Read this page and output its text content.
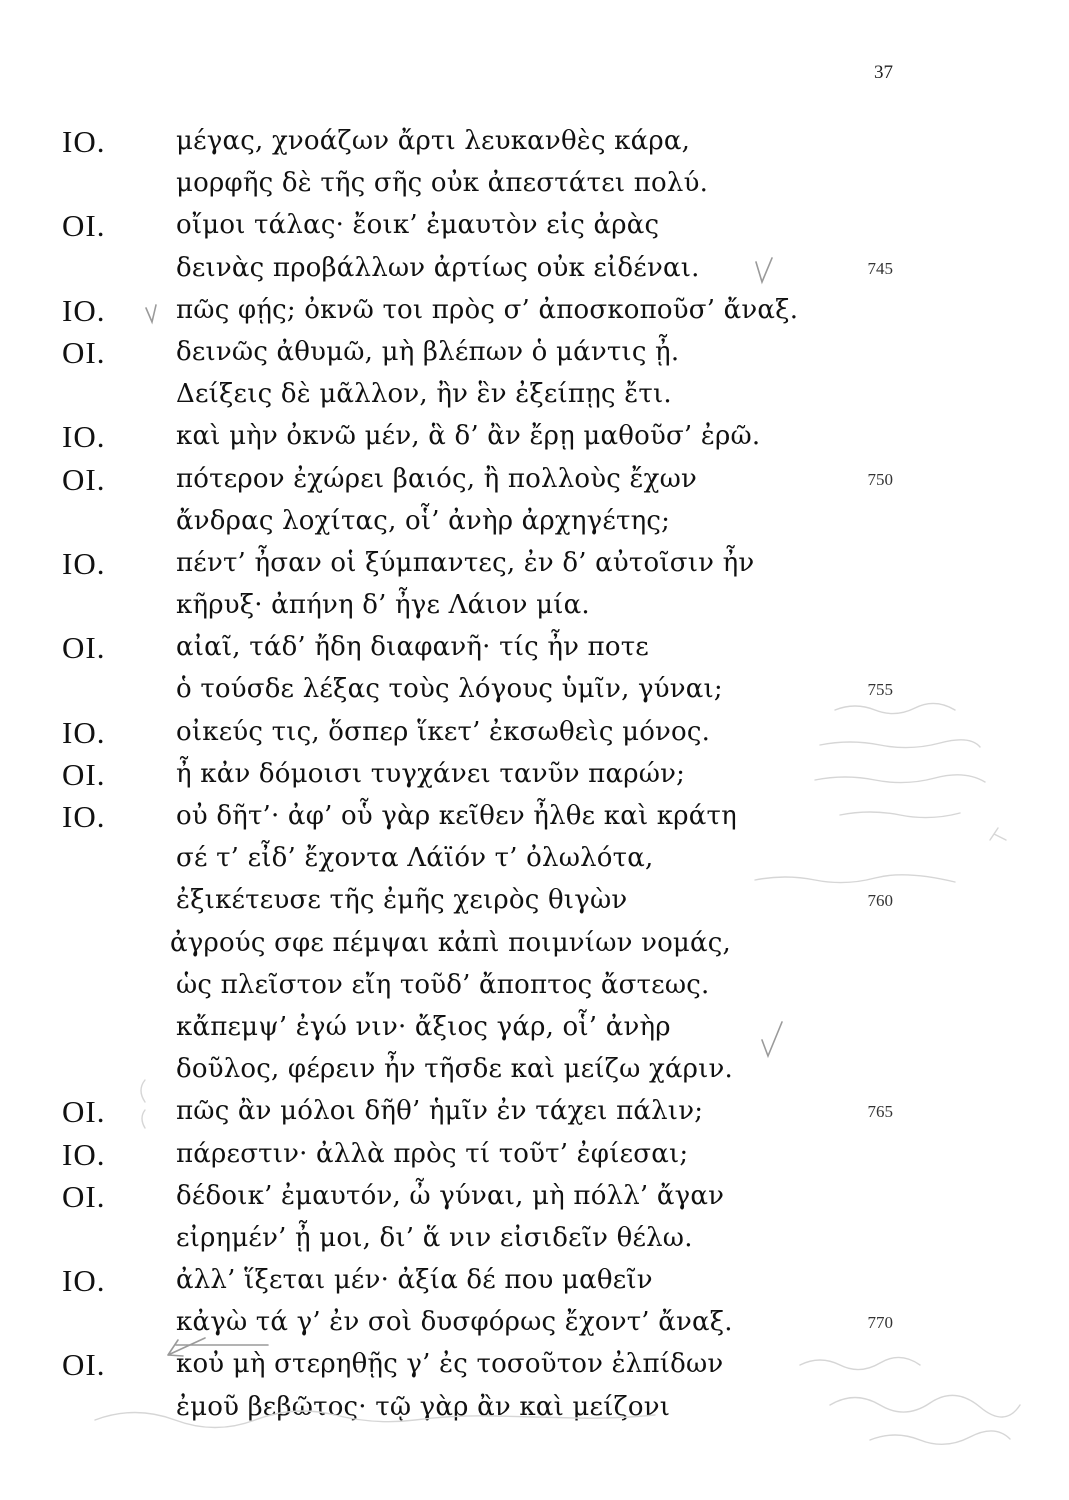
37
IO.	μέγας, χνοάζων ἄρτι λευκανθὲς κάρα,
μορφῆς δὲ τῆς σῆς οὐκ ἀπεστάτει πολύ.
OI.	οἴμοι τάλας· ἔοικ’ ἐμαυτὸν εἰς ἀρὰς
δεινὰς προβάλλων ἀρτίως οὐκ εἰδέναι.	745
IO.	πῶς φῄς; ὀκνῶ τοι πρὸς σ’ ἀποσκοποῦσ’ ἄναξ.
OI.	δεινῶς ἀθυμῶ, μὴ βλέπων ὁ μάντις ᾖ.
Δείξεις δὲ μᾶλλον, ἢν ἓν ἐξείπῃς ἔτι.
IO.	καὶ μὴν ὀκνῶ μέν, ἃ δ’ ἂν ἔρῃ μαθοῦσ’ ἐρῶ.
OI.	πότερον ἐχώρει βαιός, ἢ πολλοὺς ἔχων	750
ἄνδρας λοχίτας, οἷ’ ἀνὴρ ἀρχηγέτης;
IO.	πέντ’ ἦσαν οἱ ξύμπαντες, ἐν δ’ αὐτοῖσιν ἦν
κῆρυξ· ἀπήνη δ’ ἦγε Λάιον μία.
OI.	αἰαῖ, τάδ’ ἤδη διαφανῆ· τίς ἦν ποτε
ὁ τούσδε λέξας τοὺς λόγους ὑμῖν, γύναι;	755
IO.	οἰκεύς τις, ὅσπερ ἵκετ’ ἐκσωθεὶς μόνος.
OI.	ἦ κἀν δόμοισι τυγχάνει τανῦν παρών;
IO.	οὐ δῆτ’· ἀφ’ οὗ γὰρ κεῖθεν ἦλθε καὶ κράτη
σέ τ’ εἶδ’ ἔχοντα Λάϊόν τ’ ὀλωλότα,
ἐξικέτευσε τῆς ἐμῆς χειρὸς θιγὼν	760
ἀγρούς σφε πέμψαι κἀπὶ ποιμνίων νομάς,
ὡς πλεῖστον εἴη τοῦδ’ ἄποπτος ἄστεως.
κἄπεμψ’ ἐγώ νιν· ἄξιος γάρ, οἷ’ ἀνὴρ
δοῦλος, φέρειν ἦν τῆσδε καὶ μείζω χάριν.
OI.	πῶς ἂν μόλοι δῆθ’ ἡμῖν ἐν τάχει πάλιν;	765
IO.	πάρεστιν· ἀλλὰ πρὸς τί τοῦτ’ ἐφίεσαι;
OI.	δέδοικ’ ἐμαυτόν, ὦ γύναι, μὴ πόλλ’ ἄγαν
εἰρημέν’ ᾖ μοι, δι’ ἅ νιν εἰσιδεῖν θέλω.
IO.	ἀλλ’ ἵξεται μέν· ἀξία δέ που μαθεῖν
κἀγὼ τά γ’ ἐν σοὶ δυσφόρως ἔχοντ’ ἄναξ.	770
OI.	κοὐ μὴ στερηθῇς γ’ ἐς τοσοῦτον ἐλπίδων
ἐμοῦ βεβῶτος· τῷ γὰρ ἂν καὶ μείζονι
